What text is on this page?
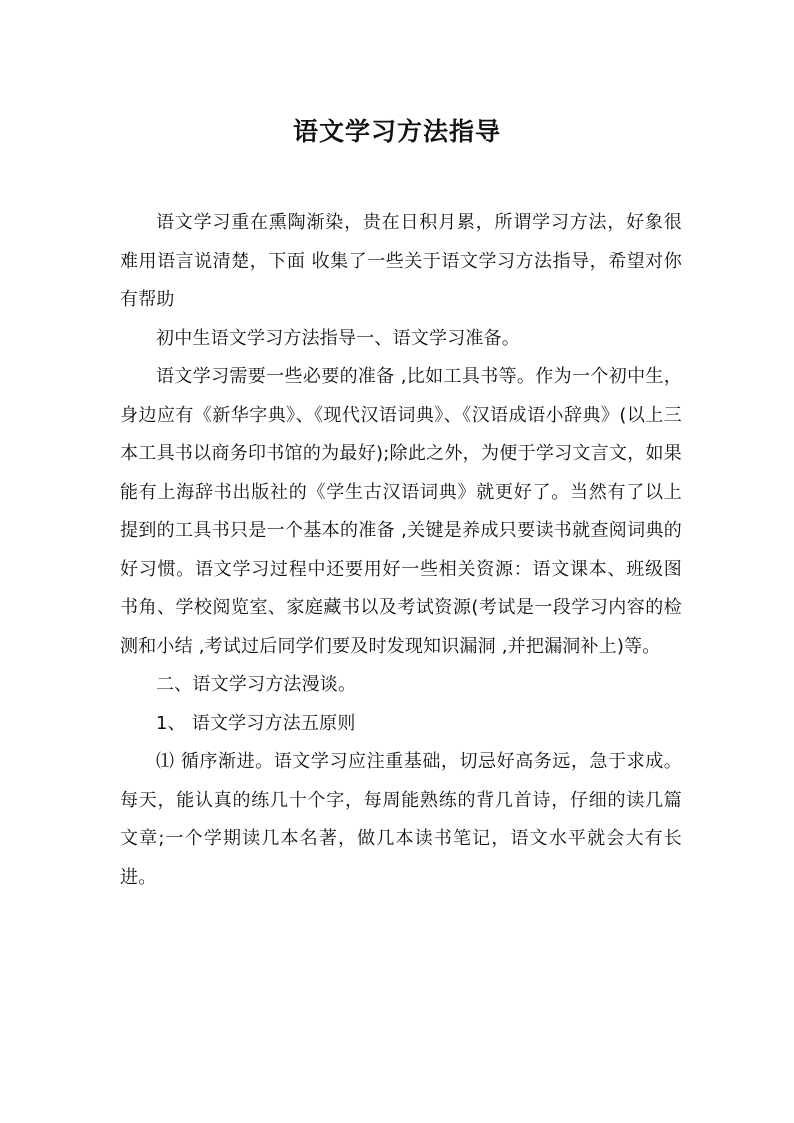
语文学习方法指导

语文学习重在熏陶渐染，贵在日积月累，所谓学习方法，好象很难用语言说清楚，下面 收集了一些关于语文学习方法指导，希望对你有帮助

初中生语文学习方法指导一、语文学习准备。

语文学习需要一些必要的准备 ,比如工具书等。作为一个初中生，身边应有《新华字典》、《现代汉语词典》、《汉语成语小辞典》(以上三本工具书以商务印书馆的为最好);除此之外，为便于学习文言文，如果能有上海辞书出版社的《学生古汉语词典》就更好了。当然有了以上提到的工具书只是一个基本的准备 ,关键是养成只要读书就查阅词典的好习惯。语文学习过程中还要用好一些相关资源：语文课本、班级图书角、学校阅览室、家庭藏书以及考试资源(考试是一段学习内容的检测和小结 ,考试过后同学们要及时发现知识漏洞 ,并把漏洞补上)等。

二、语文学习方法漫谈。

1、 语文学习方法五原则

⑴ 循序渐进。语文学习应注重基础，切忌好高务远，急于求成。每天，能认真的练几十个字，每周能熟练的背几首诗，仔细的读几篇文章;一个学期读几本名著，做几本读书笔记，语文水平就会大有长进。
